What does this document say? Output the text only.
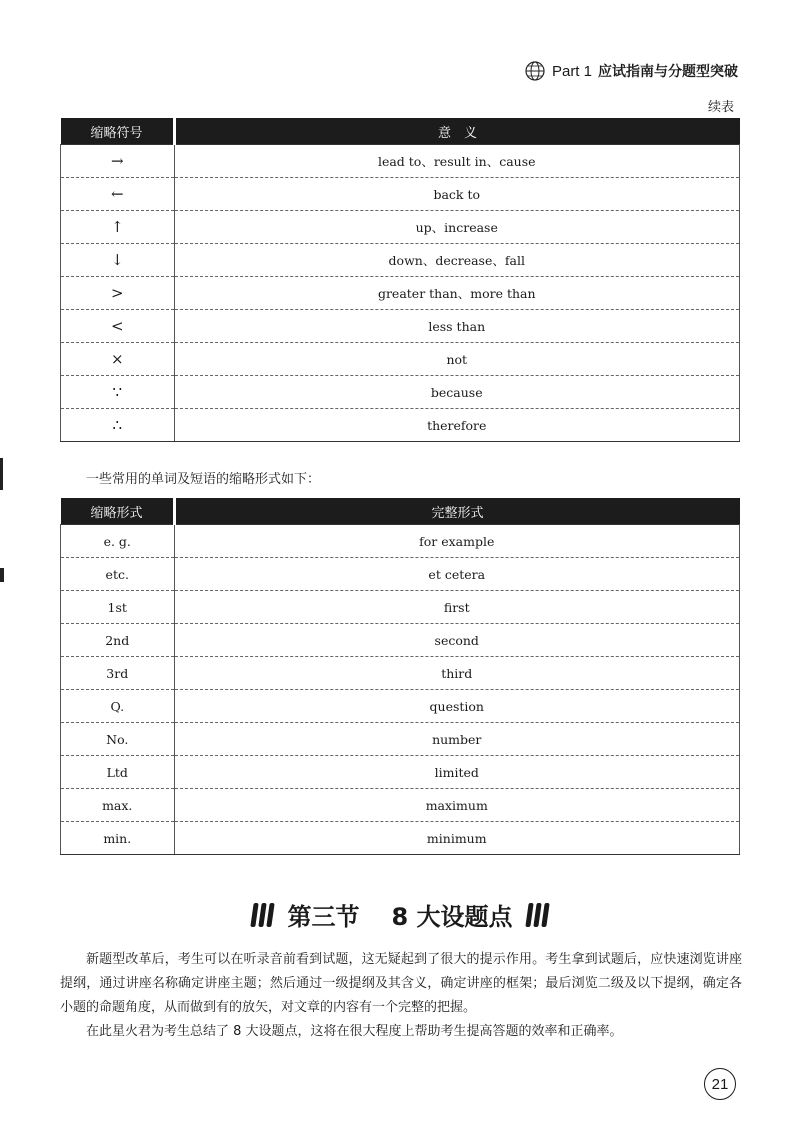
Part 1 应试指南与分题型突破
续表
缩略符号	意　义
→	lead to、result in、cause
←	back to
↑	up、increase
↓	down、decrease、fall
>	greater than、more than
<	less than
×	not
∵	because
∴	therefore
一些常用的单词及短语的缩略形式如下：
缩略形式	完整形式
e. g.	for example
etc.	et cetera
1st	first
2nd	second
3rd	third
Q.	question
No.	number
Ltd	limited
max.	maximum
min.	minimum
第三节 8 大设题点

新题型改革后，考生可以在听录音前看到试题，这无疑起到了很大的提示作用。考生拿到试题后，应快速浏览讲座提纲，通过讲座名称确定讲座主题；然后通过一级提纲及其含义，确定讲座的框架；最后浏览二级及以下提纲，确定各小题的命题角度，从而做到有的放矢，对文章的内容有一个完整的把握。

在此星火君为考生总结了 8 大设题点，这将在很大程度上帮助考生提高答题的效率和正确率。

21
